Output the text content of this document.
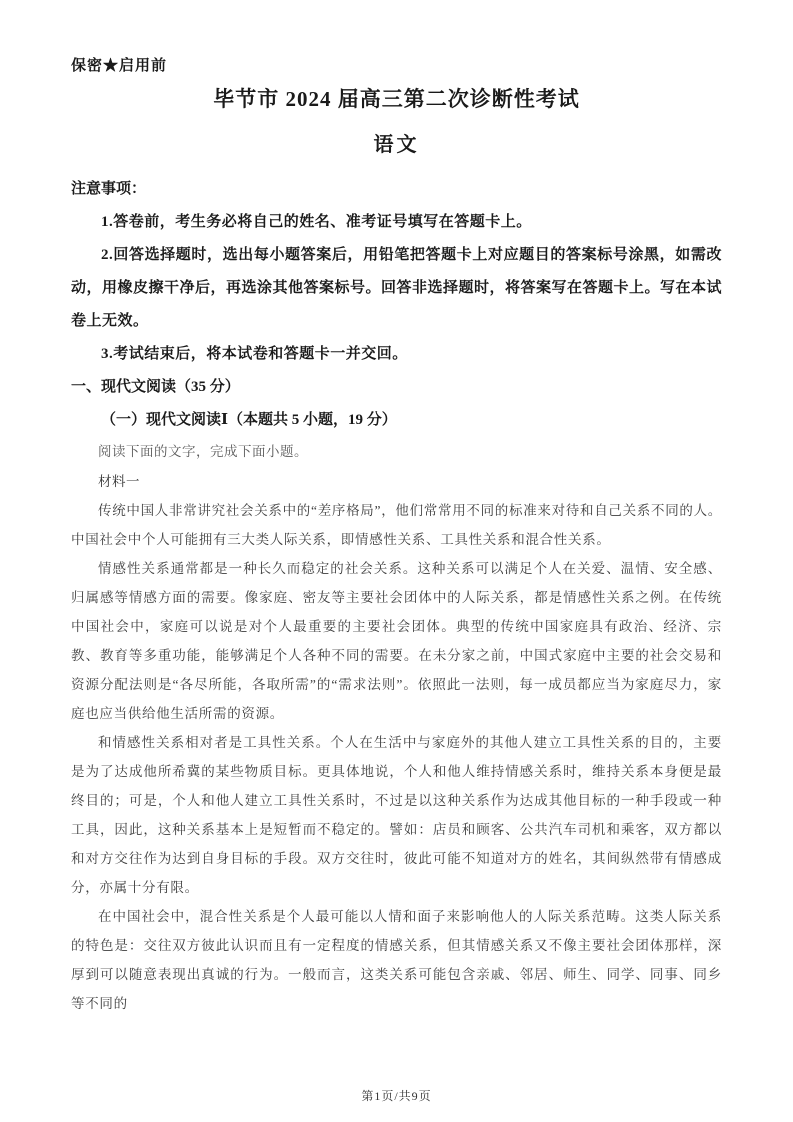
保密★启用前
毕节市 2024 届高三第二次诊断性考试
语文
注意事项：

1.答卷前，考生务必将自己的姓名、准考证号填写在答题卡上。

2.回答选择题时，选出每小题答案后，用铅笔把答题卡上对应题目的答案标号涂黑，如需改动，用橡皮擦干净后，再选涂其他答案标号。回答非选择题时，将答案写在答题卡上。写在本试卷上无效。

3.考试结束后，将本试卷和答题卡一并交回。

一、现代文阅读（35 分）
（一）现代文阅读Ⅰ（本题共 5 小题，19 分）

阅读下面的文字，完成下面小题。

材料一

传统中国人非常讲究社会关系中的“差序格局”，他们常常用不同的标准来对待和自己关系不同的人。中国社会中个人可能拥有三大类人际关系，即情感性关系、工具性关系和混合性关系。

情感性关系通常都是一种长久而稳定的社会关系。这种关系可以满足个人在关爱、温情、安全感、归属感等情感方面的需要。像家庭、密友等主要社会团体中的人际关系，都是情感性关系之例。在传统中国社会中，家庭可以说是对个人最重要的主要社会团体。典型的传统中国家庭具有政治、经济、宗教、教育等多重功能，能够满足个人各种不同的需要。在未分家之前，中国式家庭中主要的社会交易和资源分配法则是“各尽所能，各取所需”的“需求法则”。依照此一法则，每一成员都应当为家庭尽力，家庭也应当供给他生活所需的资源。

和情感性关系相对者是工具性关系。个人在生活中与家庭外的其他人建立工具性关系的目的，主要是为了达成他所希冀的某些物质目标。更具体地说，个人和他人维持情感关系时，维持关系本身便是最终目的；可是，个人和他人建立工具性关系时，不过是以这种关系作为达成其他目标的一种手段或一种工具，因此，这种关系基本上是短暂而不稳定的。譬如：店员和顾客、公共汽车司机和乘客，双方都以和对方交往作为达到自身目标的手段。双方交往时，彼此可能不知道对方的姓名，其间纵然带有情感成分，亦属十分有限。

在中国社会中，混合性关系是个人最可能以人情和面子来影响他人的人际关系范畴。这类人际关系的特色是：交往双方彼此认识而且有一定程度的情感关系，但其情感关系又不像主要社会团体那样，深厚到可以随意表现出真诚的行为。一般而言，这类关系可能包含亲戚、邻居、师生、同学、同事、同乡等不同的

第1页/共9页
